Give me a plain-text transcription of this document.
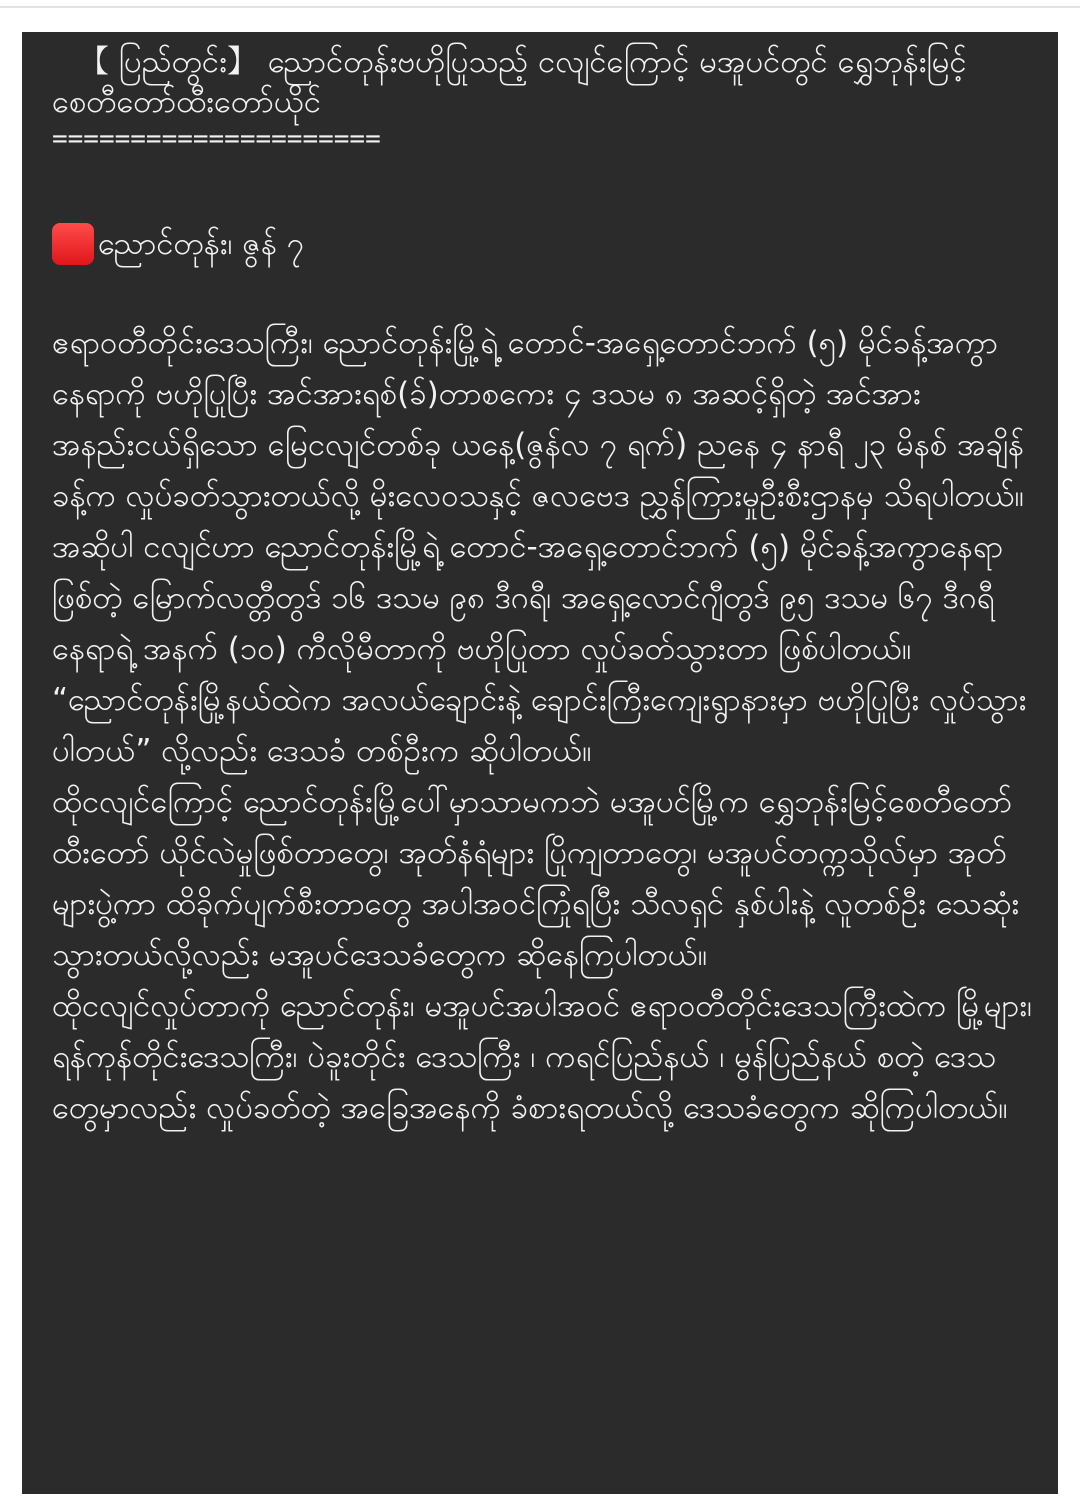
【 ပြည်တွင်း】 ညောင်တုန်းဗဟိုပြုသည့် ငလျင်ကြောင့် မအူပင်တွင် ရွှေဘုန်းမြင့် စေတီတော်ထီးတော်ယိုင်
=====================
ညောင်တုန်း၊ ဇွန် ၇

ဧရာဝတီတိုင်းဒေသကြီး၊ ညောင်တုန်းမြို့ရဲ့ တောင်-အရှေ့တောင်ဘက် (၅) မိုင်ခန့်အကွာ နေရာကို ဗဟိုပြုပြီး အင်အားရစ်(ခ်)တာစကေး ၄ ဒသမ ၈ အဆင့်ရှိတဲ့ အင်အားအနည်းငယ်ရှိသော မြေငလျင်တစ်ခု ယနေ့(ဇွန်လ ၇ ရက်) ညနေ ၄ နာရီ ၂၃ မိနစ် အချိန်ခန့်က လှုပ်ခတ်သွားတယ်လို့ မိုးလေဝသနှင့် ဇလဗေဒ ညွှန်ကြားမှုဦးစီးဌာနမှ သိရပါတယ်။

အဆိုပါ ငလျင်ဟာ ညောင်တုန်းမြို့ရဲ့ တောင်-အရှေ့တောင်ဘက် (၅) မိုင်ခန့်အကွာနေရာဖြစ်တဲ့ မြောက်လတ္တီတွဒ် ၁၆ ဒသမ ၉၈ ဒီဂရီ၊ အရှေ့လောင်ဂျီတွဒ် ၉၅ ဒသမ ၆၇ ဒီဂရီနေရာရဲ့ အနက် (၁၀) ကီလိုမီတာကို ဗဟိုပြုတာ လှုပ်ခတ်သွားတာ ဖြစ်ပါတယ်။

“ညောင်တုန်းမြို့နယ်ထဲက အလယ်ချောင်းနဲ့ ချောင်းကြီးကျေးရွာနားမှာ ဗဟိုပြုပြီး လှုပ်သွားပါတယ်” လို့လည်း ဒေသခံ တစ်ဦးက ဆိုပါတယ်။

ထိုငလျင်ကြောင့် ညောင်တုန်းမြို့ပေါ်မှာသာမကဘဲ မအူပင်မြို့က ရွှေဘုန်းမြင့်စေတီတော် ထီးတော် ယိုင်လဲမှုဖြစ်တာတွေ၊ အုတ်နံရံများ ပြိုကျတာတွေ၊ မအူပင်တက္ကသိုလ်မှာ အုတ်များပွဲ့ကာ ထိခိုက်ပျက်စီးတာတွေ အပါအဝင်ကြုံရပြီး သီလရှင် နှစ်ပါးနဲ့ လူတစ်ဦး သေဆုံးသွားတယ်လို့လည်း မအူပင်ဒေသခံတွေက ဆိုနေကြပါတယ်။

ထိုငလျင်လှုပ်တာကို ညောင်တုန်း၊ မအူပင်အပါအဝင် ဧရာဝတီတိုင်းဒေသကြီးထဲက မြို့များ၊ ရန်ကုန်တိုင်းဒေသကြီး၊ ပဲခူးတိုင်း ဒေသကြီး ၊ ကရင်ပြည်နယ် ၊ မွန်ပြည်နယ် စတဲ့ ဒေသတွေမှာလည်း လှုပ်ခတ်တဲ့ အခြေအနေကို ခံစားရတယ်လို့ ဒေသခံတွေက ဆိုကြပါတယ်။
